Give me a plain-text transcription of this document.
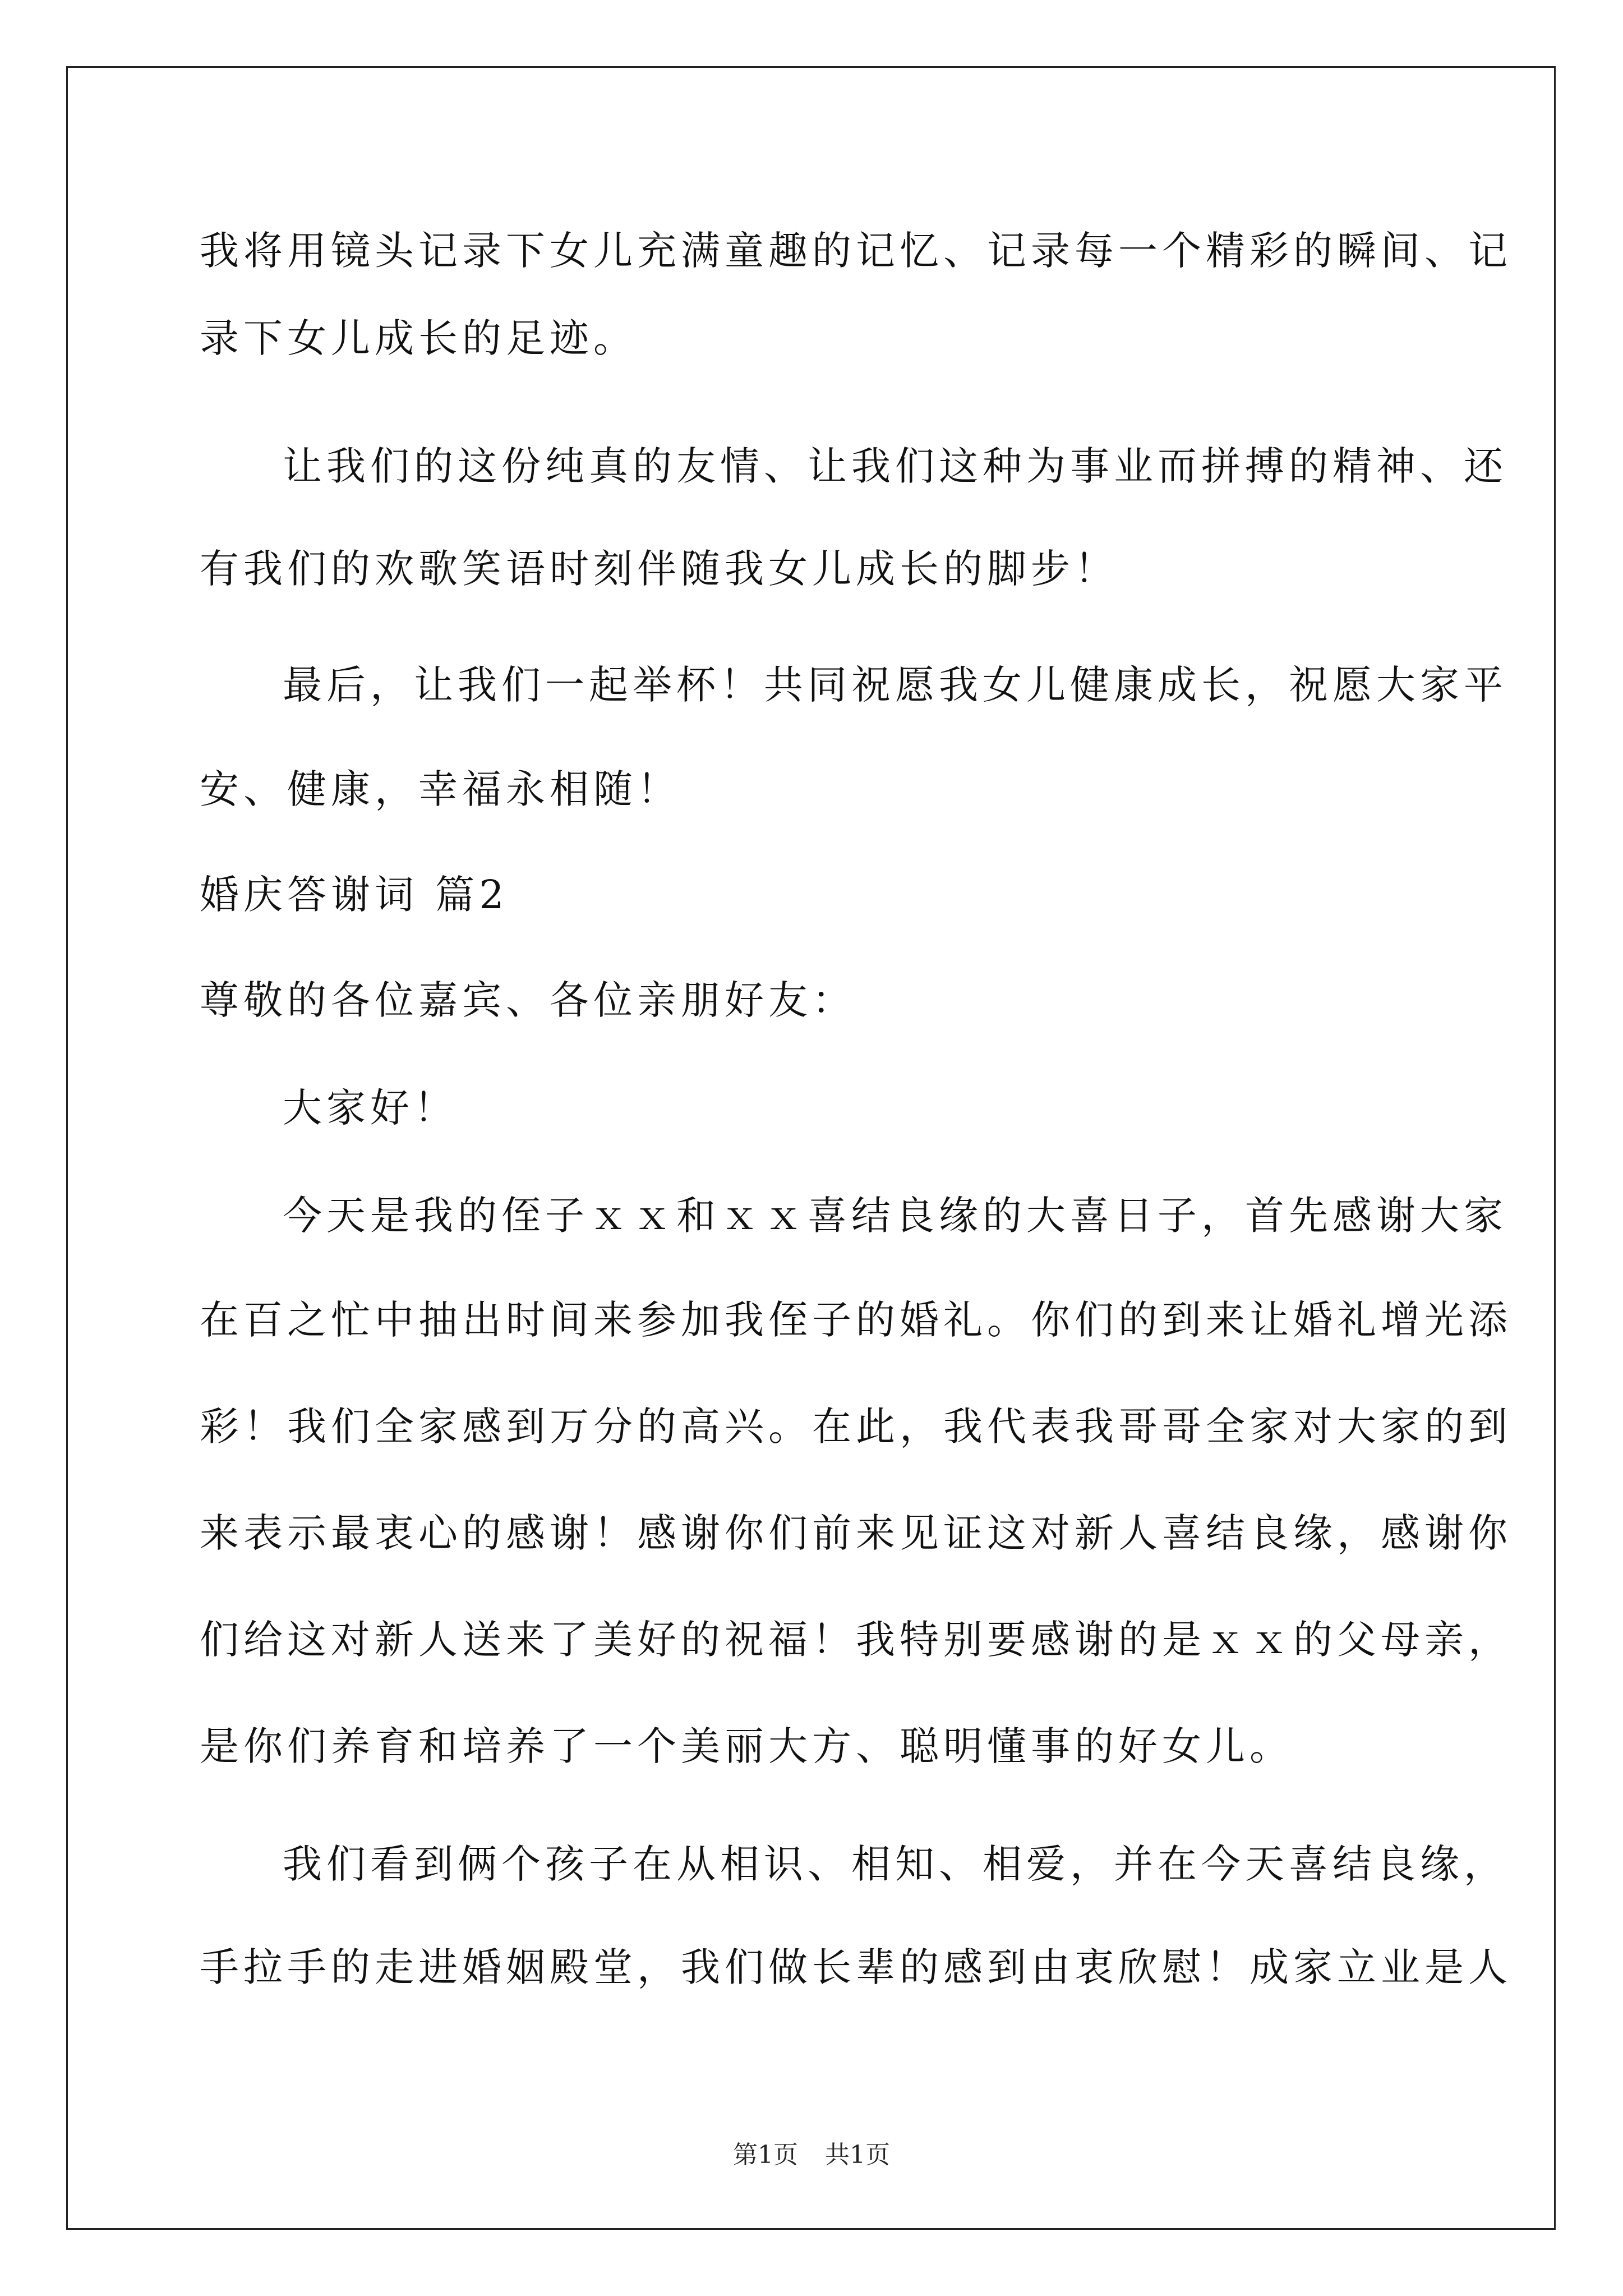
我将用镜头记录下女儿充满童趣的记忆、记录每一个精彩的瞬间、记
录下女儿成长的足迹。
让我们的这份纯真的友情、让我们这种为事业而拼搏的精神、还
有我们的欢歌笑语时刻伴随我女儿成长的脚步！
最后，让我们一起举杯！共同祝愿我女儿健康成长，祝愿大家平
安、健康，幸福永相随！
婚庆答谢词 篇2
尊敬的各位嘉宾、各位亲朋好友：
大家好！
今天是我的侄子ｘｘ和ｘｘ喜结良缘的大喜日子，首先感谢大家
在百之忙中抽出时间来参加我侄子的婚礼。你们的到来让婚礼增光添
彩！我们全家感到万分的高兴。在此，我代表我哥哥全家对大家的到
来表示最衷心的感谢！感谢你们前来见证这对新人喜结良缘，感谢你
们给这对新人送来了美好的祝福！我特别要感谢的是ｘｘ的父母亲，
是你们养育和培养了一个美丽大方、聪明懂事的好女儿。
我们看到俩个孩子在从相识、相知、相爱，并在今天喜结良缘，
手拉手的走进婚姻殿堂，我们做长辈的感到由衷欣慰！成家立业是人
第1页 共1页
